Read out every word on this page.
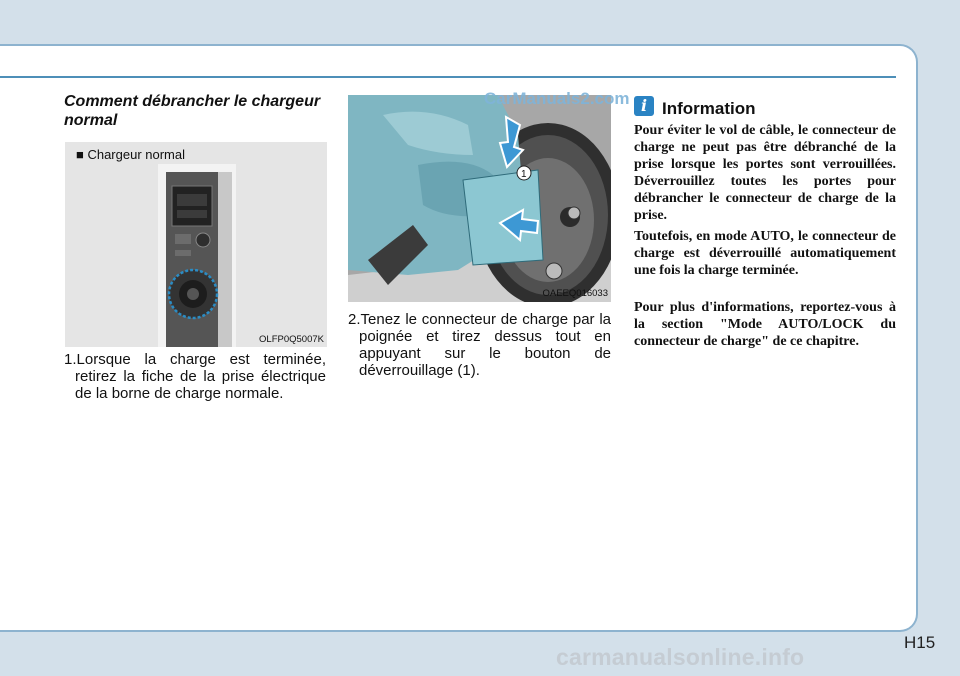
Comment débrancher le chargeur normal
■ Chargeur normal
OLFP0Q5007K
1
OAEEQ016033
CarManuals2.com
1.Lorsque la charge est terminée, retirez la fiche de la prise électrique de la borne de charge normale.
2.Tenez le connecteur de charge par la poignée et tirez dessus tout en appuyant sur le bouton de déverrouillage (1).
i Information
Pour éviter le vol de câble, le connecteur de charge ne peut pas être débranché de la prise lorsque les portes sont verrouillées. Déverrouillez toutes les portes pour débrancher le connecteur de charge de la prise.
Toutefois, en mode AUTO, le connecteur de charge est déverrouillé automatiquement une fois la charge terminée.
Pour plus d'informations, reportez-vous à la section "Mode AUTO/LOCK du connecteur de charge" de ce chapitre.
H15
carmanualsonline.info
